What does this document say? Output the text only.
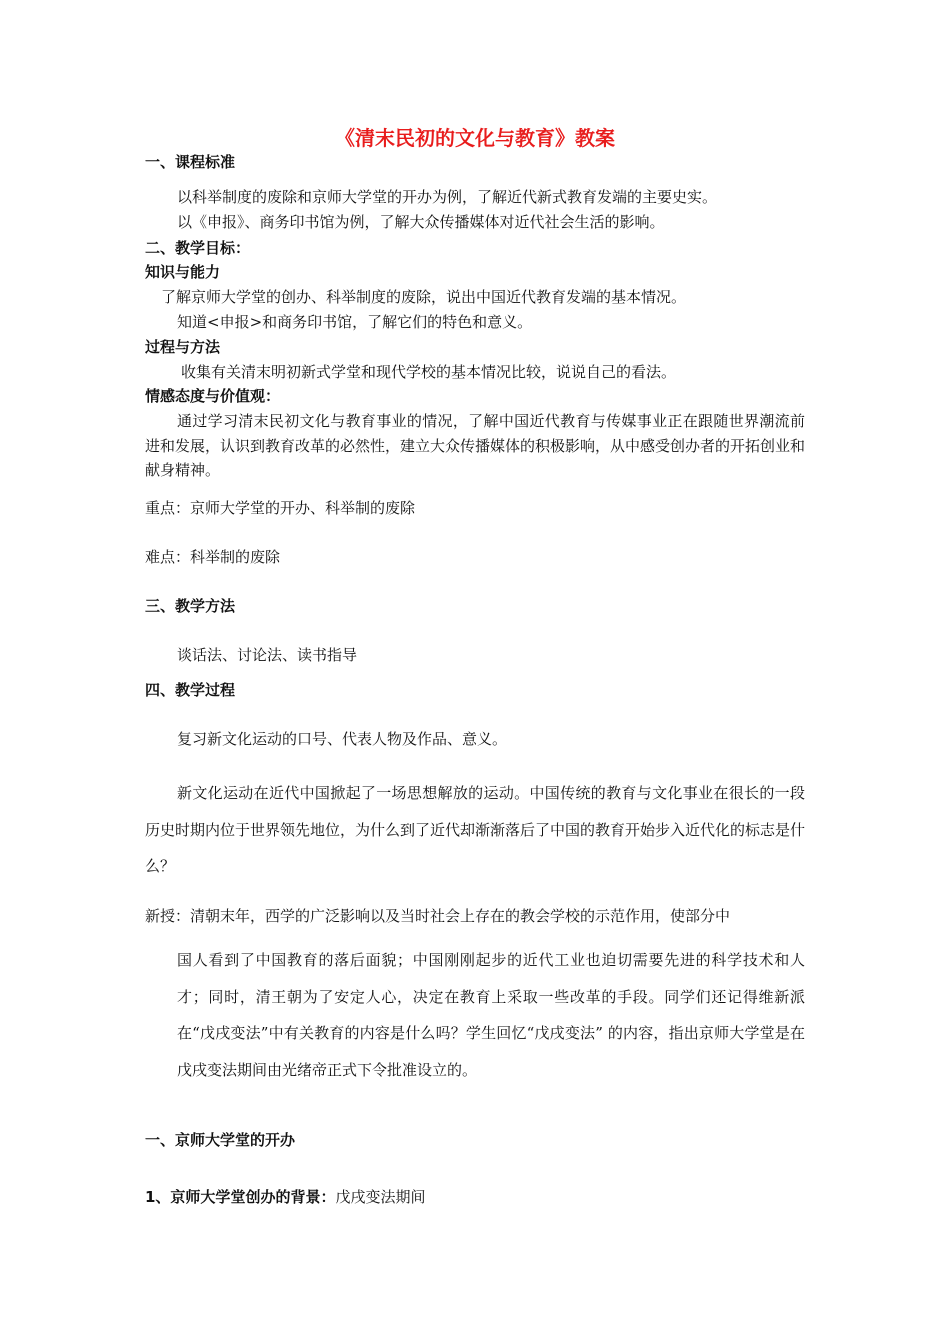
《清末民初的文化与教育》教案

一、课程标准

以科举制度的废除和京师大学堂的开办为例，了解近代新式教育发端的主要史实。

以《申报》、商务印书馆为例，了解大众传播媒体对近代社会生活的影响。

二、教学目标：

知识与能力

了解京师大学堂的创办、科举制度的废除，说出中国近代教育发端的基本情况。

知道<申报>和商务印书馆，了解它们的特色和意义。

过程与方法

收集有关清末明初新式学堂和现代学校的基本情况比较，说说自己的看法。

情感态度与价值观：

通过学习清末民初文化与教育事业的情况，了解中国近代教育与传媒事业正在跟随世界潮流前进和发展，认识到教育改革的必然性，建立大众传播媒体的积极影响，从中感受创办者的开拓创业和献身精神。

重点：京师大学堂的开办、科举制的废除

难点：科举制的废除

三、教学方法

谈话法、讨论法、读书指导

四、教学过程

复习新文化运动的口号、代表人物及作品、意义。

新文化运动在近代中国掀起了一场思想解放的运动。中国传统的教育与文化事业在很长的一段历史时期内位于世界领先地位，为什么到了近代却渐渐落后了中国的教育开始步入近代化的标志是什么？

新授：清朝末年，西学的广泛影响以及当时社会上存在的教会学校的示范作用，使部分中

国人看到了中国教育的落后面貌；中国刚刚起步的近代工业也迫切需要先进的科学技术和人才；同时，清王朝为了安定人心，决定在教育上采取一些改革的手段。同学们还记得维新派在“戊戌变法”中有关教育的内容是什么吗？学生回忆“戊戌变法” 的内容，指出京师大学堂是在戊戌变法期间由光绪帝正式下令批准设立的。

一、京师大学堂的开办

1、京师大学堂创办的背景：戊戌变法期间
